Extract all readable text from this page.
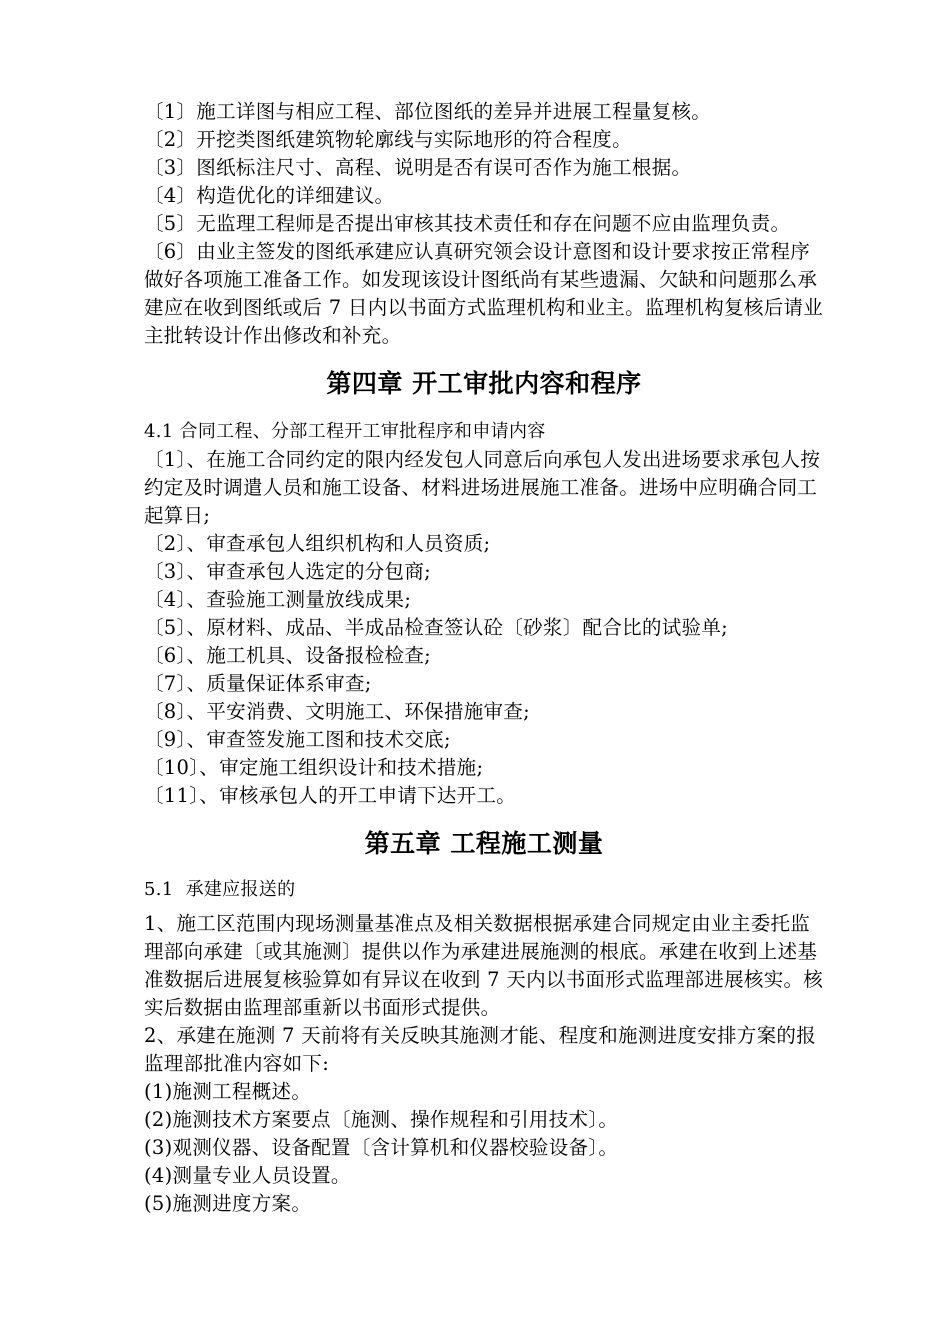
〔1〕施工详图与相应工程、部位图纸的差异并进展工程量复核。

〔2〕开挖类图纸建筑物轮廓线与实际地形的符合程度。

〔3〕图纸标注尺寸、高程、说明是否有误可否作为施工根据。

〔4〕构造优化的详细建议。

〔5〕无监理工程师是否提出审核其技术责任和存在问题不应由监理负责。

〔6〕由业主签发的图纸承建应认真研究领会设计意图和设计要求按正常程序做好各项施工准备工作。如发现该设计图纸尚有某些遗漏、欠缺和问题那么承建应在收到图纸或后 7 日内以书面方式监理机构和业主。监理机构复核后请业主批转设计作出修改和补充。

第四章 开工审批内容和程序

4.1 合同工程、分部工程开工审批程序和申请内容

〔1〕、在施工合同约定的限内经发包人同意后向承包人发出进场要求承包人按约定及时调遣人员和施工设备、材料进场进展施工准备。进场中应明确合同工起算日;

〔2〕、审查承包人组织机构和人员资质;

〔3〕、审查承包人选定的分包商;

〔4〕、查验施工测量放线成果;

〔5〕、原材料、成品、半成品检查签认砼〔砂浆〕配合比的试验单;

〔6〕、施工机具、设备报检检查;

〔7〕、质量保证体系审查;

〔8〕、平安消费、文明施工、环保措施审查;

〔9〕、审查签发施工图和技术交底;

〔10〕、审定施工组织设计和技术措施;

〔11〕、审核承包人的开工申请下达开工。

第五章 工程施工测量

5.1  承建应报送的

1、施工区范围内现场测量基准点及相关数据根据承建合同规定由业主委托监理部向承建〔或其施测〕提供以作为承建进展施测的根底。承建在收到上述基准数据后进展复核验算如有异议在收到 7 天内以书面形式监理部进展核实。核实后数据由监理部重新以书面形式提供。

2、承建在施测 7 天前将有关反映其施测才能、程度和施测进度安排方案的报监理部批准内容如下:

(1)施测工程概述。

(2)施测技术方案要点〔施测、操作规程和引用技术〕。

(3)观测仪器、设备配置〔含计算机和仪器校验设备〕。

(4)测量专业人员设置。

(5)施测进度方案。
